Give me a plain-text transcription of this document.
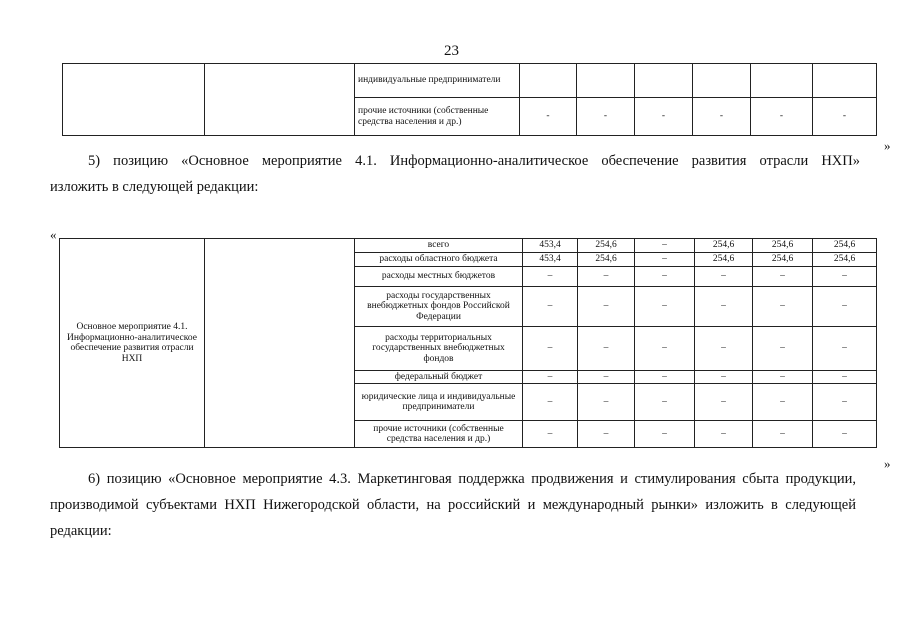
23
		индивидуальные предприниматели						
		прочие источники (собственные средства населения и др.)	-	-	-	-	-	-
»
5) позицию «Основное мероприятие 4.1. Информационно-аналитическое обеспечение развития отрасли НХП»
изложить в следующей редакции:
«
Основное мероприятие 4.1. Информационно-аналитическое обеспечение развития отрасли НХП		всего	453,4	254,6	–	254,6	254,6	254,6
		расходы областного бюджета	453,4	254,6	–	254,6	254,6	254,6
		расходы местных бюджетов	–	–	–	–	–	–
		расходы государственных внебюджетных фондов Российской Федерации	–	–	–	–	–	–
		расходы территориальных государственных внебюджетных фондов	–	–	–	–	–	–
		федеральный бюджет	–	–	–	–	–	–
		юридические лица и индивидуальные предприниматели	–	–	–	–	–	–
		прочие источники (собственные средства населения и др.)	–	–	–	–	–	–
»
6) позицию «Основное мероприятие 4.3. Маркетинговая поддержка продвижения и стимулирования сбыта продукции,
производимой субъектами НХП Нижегородской области, на российский и международный рынки» изложить в следующей
редакции:
